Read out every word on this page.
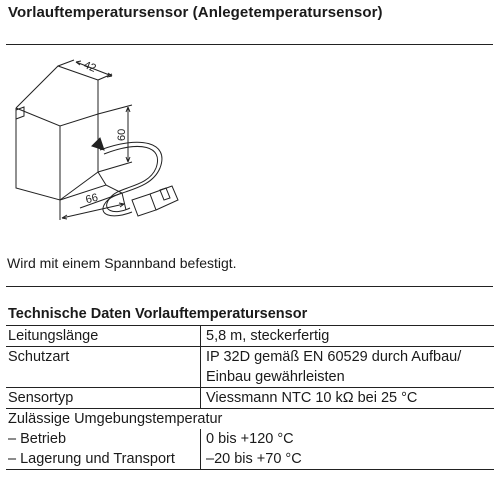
Vorlauftemperatursensor (Anlegetemperatursensor)
42
60
66
Wird mit einem Spannband befestigt.
Technische Daten Vorlauftemperatursensor
Leitungslänge	5,8 m, steckerfertig
Schutzart	IP 32D gemäß EN 60529 durch Aufbau/
Einbau gewährleisten

Sensortyp	Viessmann NTC 10 kΩ bei 25 °C
Zulässige Umgebungstemperatur	
– Betrieb	0 bis +120 °C
– Lagerung und Transport	–20 bis +70 °C
